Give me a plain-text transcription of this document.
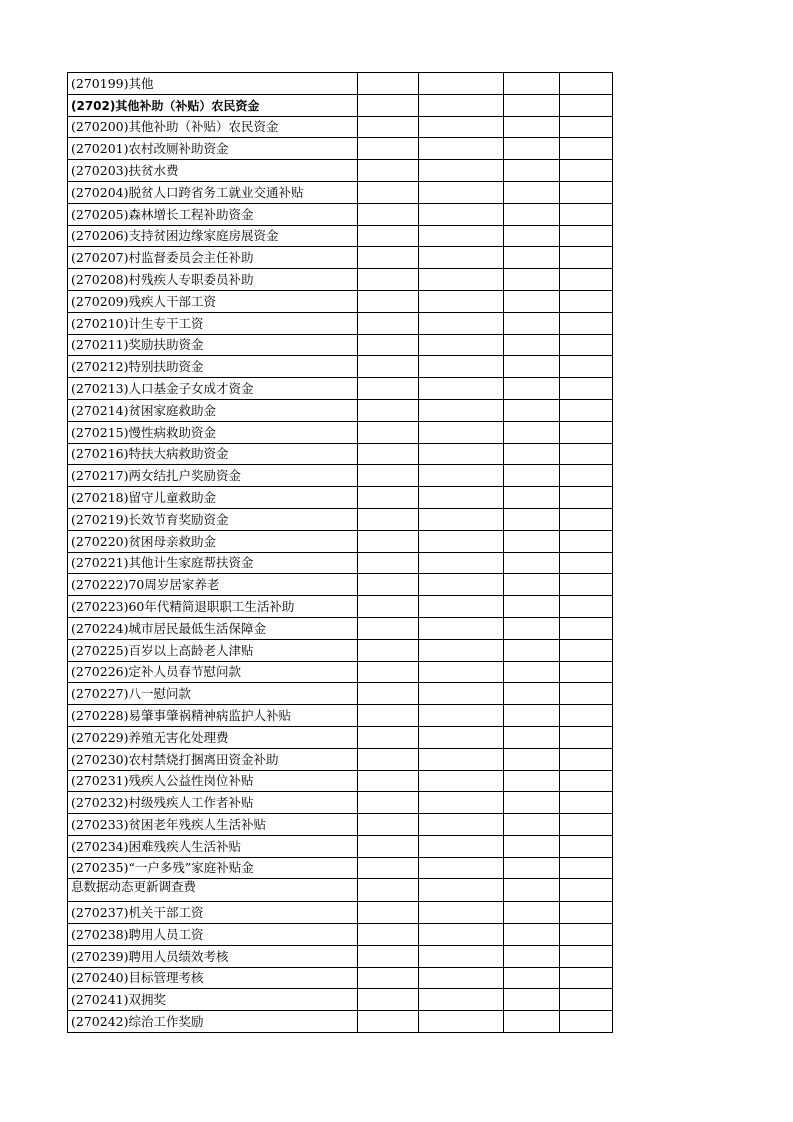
(270199)其他				
(2702)其他补助（补贴）农民资金				
(270200)其他补助（补贴）农民资金				
(270201)农村改厕补助资金				
(270203)扶贫水费				
(270204)脱贫人口跨省务工就业交通补贴				
(270205)森林增长工程补助资金				
(270206)支持贫困边缘家庭房展资金				
(270207)村监督委员会主任补助				
(270208)村残疾人专职委员补助				
(270209)残疾人干部工资				
(270210)计生专干工资				
(270211)奖励扶助资金				
(270212)特别扶助资金				
(270213)人口基金子女成才资金				
(270214)贫困家庭救助金				
(270215)慢性病救助资金				
(270216)特扶大病救助资金				
(270217)两女结扎户奖励资金				
(270218)留守儿童救助金				
(270219)长效节育奖励资金				
(270220)贫困母亲救助金				
(270221)其他计生家庭帮扶资金				
(270222)70周岁居家养老				
(270223)60年代精简退职职工生活补助				
(270224)城市居民最低生活保障金				
(270225)百岁以上高龄老人津贴				
(270226)定补人员春节慰问款				
(270227)八一慰问款				
(270228)易肇事肇祸精神病监护人补贴				
(270229)养殖无害化处理费				
(270230)农村禁烧打捆离田资金补助				
(270231)残疾人公益性岗位补贴				
(270232)村级残疾人工作者补贴				
(270233)贫困老年残疾人生活补贴				
(270234)困难残疾人生活补贴				
(270235)“一户多残”家庭补贴金				
息数据动态更新调查费				
(270237)机关干部工资				
(270238)聘用人员工资				
(270239)聘用人员绩效考核				
(270240)目标管理考核				
(270241)双拥奖				
(270242)综治工作奖励				
